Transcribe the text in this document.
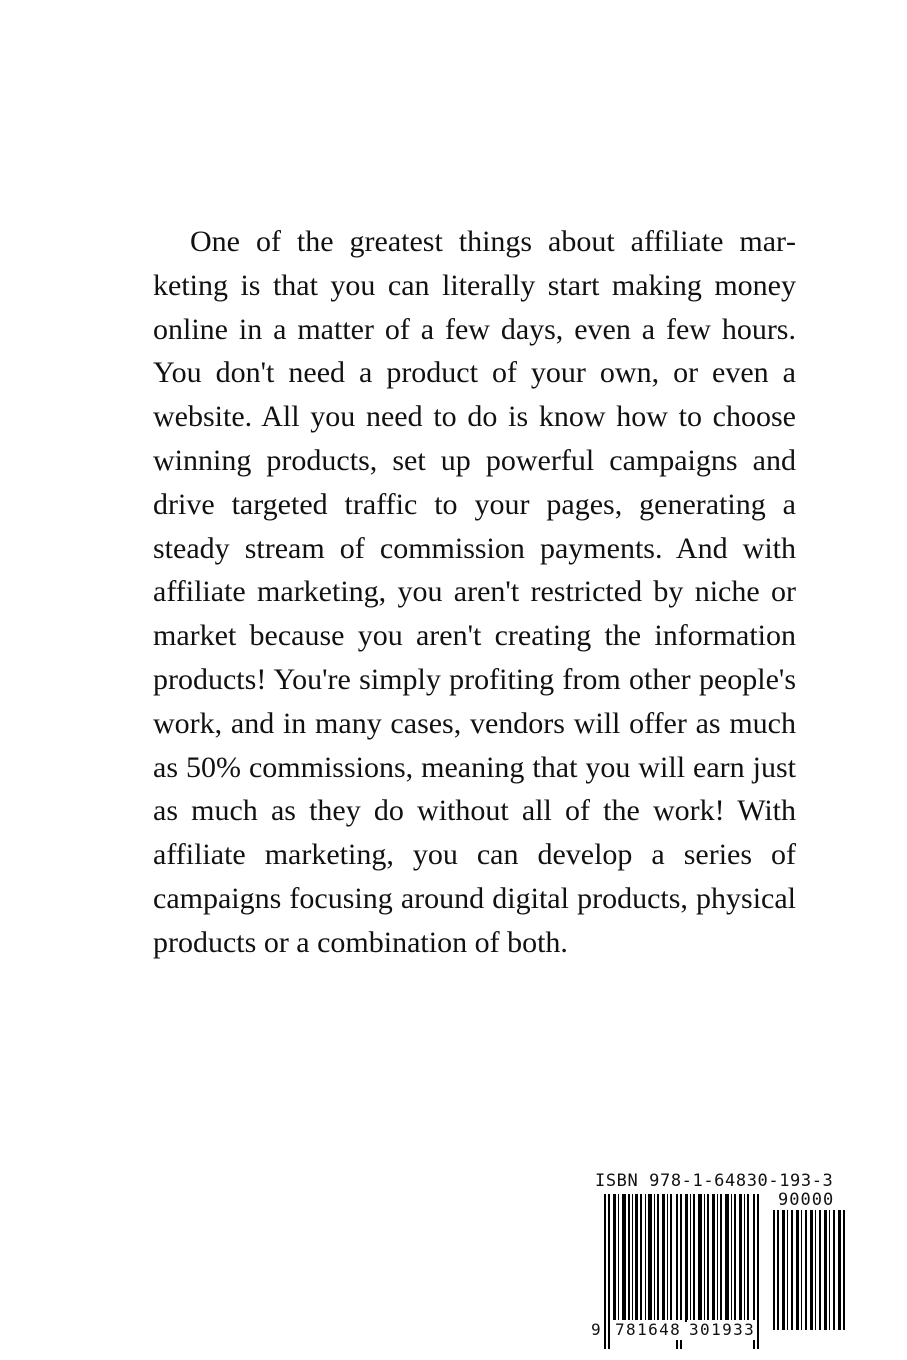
One of the greatest things about affiliate marketing is that you can literally start making money online in a matter of a few days, even a few hours. You don't need a product of your own, or even a website. All you need to do is know how to choose winning products, set up powerful campaigns and drive targeted traffic to your pages, generating a steady stream of commission payments. And with affiliate marketing, you aren't restricted by niche or market because you aren't creating the information products! You're simply profiting from other people's work, and in many cases, vendors will offer as much as 50% commissions, meaning that you will earn just as much as they do without all of the work! With affiliate marketing, you can develop a series of campaigns focusing around digital products, physical products or a combination of both.

ISBN 978-1-64830-193-3
90000
9 781648 301933
